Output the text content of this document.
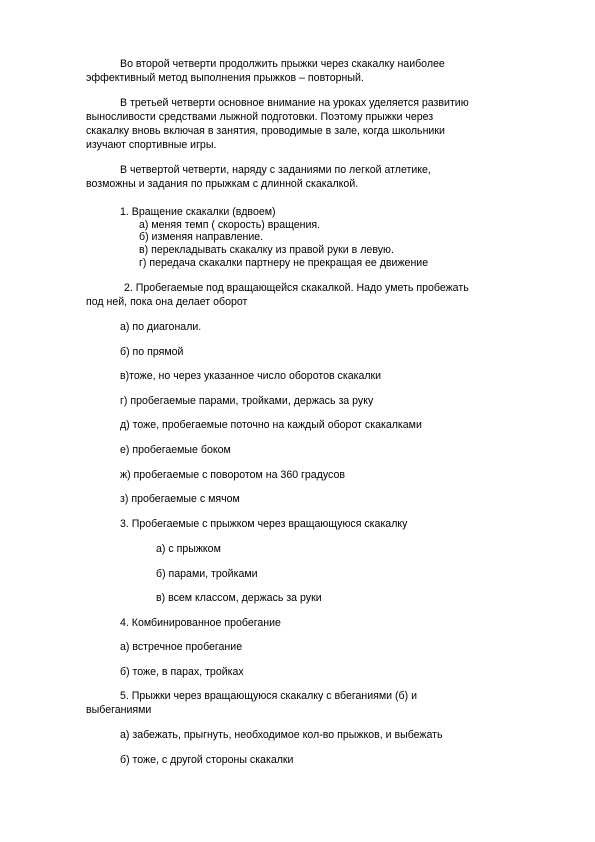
Во второй четверти продолжить прыжки через скакалку наиболее
эффективный метод выполнения прыжков – повторный.
В третьей четверти основное внимание на уроках уделяется развитию
выносливости средствами лыжной подготовки. Поэтому прыжки через
скакалку вновь включая в занятия, проводимые в зале, когда школьники
изучают спортивные игры.
В четвертой четверти, наряду с заданиями по легкой атлетике,
возможны и задания по прыжкам с длинной скакалкой.
1. Вращение скакалки (вдвоем)
а) меняя темп ( скорость) вращения.
б) изменяя направление.
в) перекладывать скакалку из правой руки в левую.
г) передача скакалки партнеру не прекращая ее движение
2. Пробегаемые под вращающейся скакалкой. Надо уметь пробежать
под ней, пока она делает оборот
а) по диагонали.
б) по прямой
в)тоже, но через указанное число оборотов скакалки
г) пробегаемые парами, тройками, держась за руку
д) тоже, пробегаемые поточно на каждый оборот скакалками
е) пробегаемые боком
ж) пробегаемые с поворотом на 360 градусов
з) пробегаемые с мячом
3. Пробегаемые с прыжком через вращающуюся скакалку
а) с прыжком
б) парами, тройками
в) всем классом, держась за руки
4. Комбинированное пробегание
а) встречное пробегание
б) тоже, в парах, тройках
5. Прыжки через вращающуюся скакалку с вбеганиями (б) и
выбеганиями
а) забежать, прыгнуть, необходимое кол-во прыжков, и выбежать
б) тоже, с другой стороны скакалки
